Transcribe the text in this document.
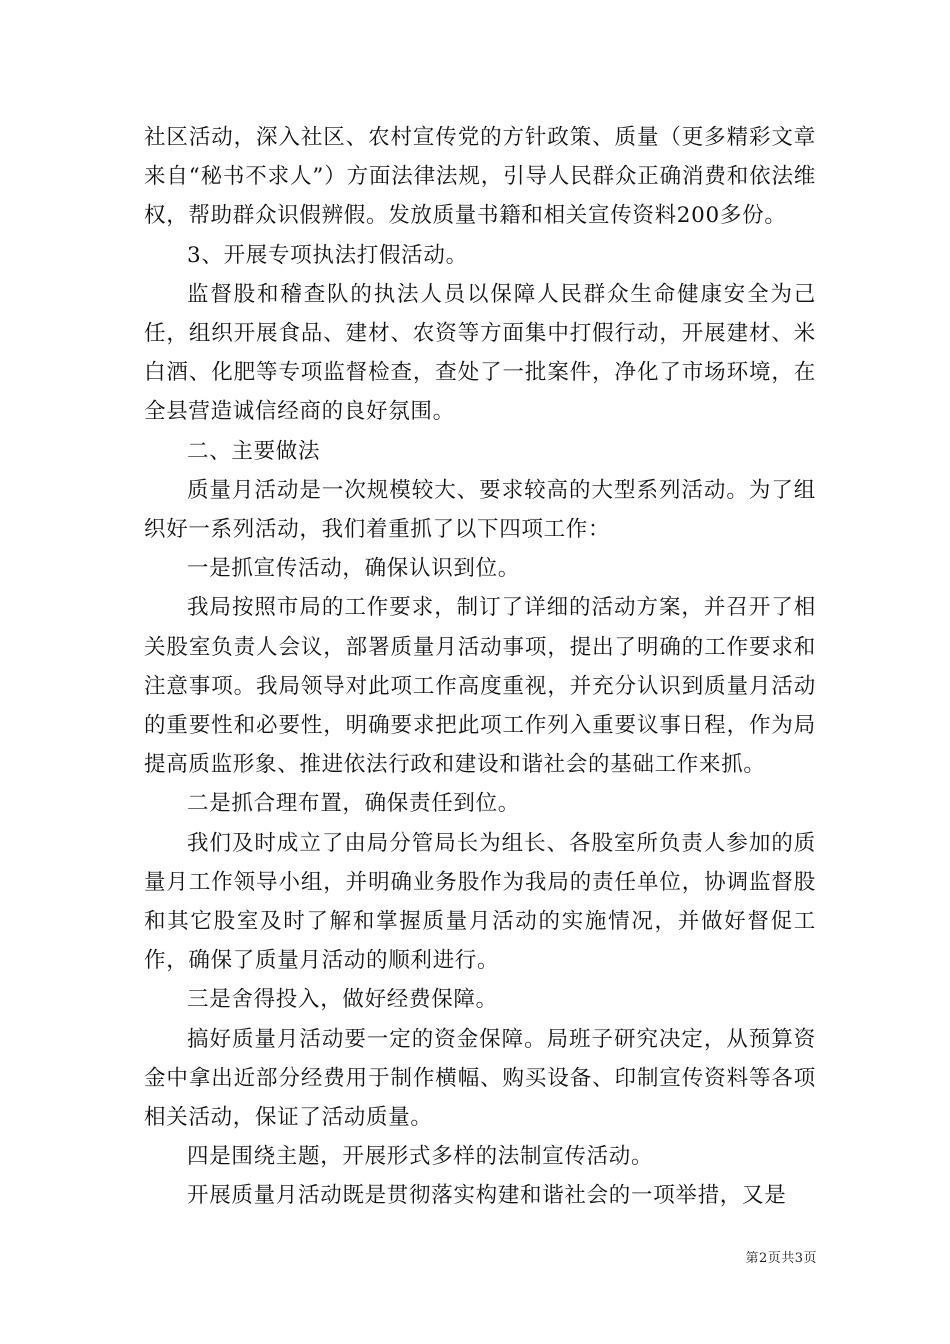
社区活动，深入社区、农村宣传党的方针政策、质量（更多精彩文章来自“秘书不求人”）方面法律法规，引导人民群众正确消费和依法维权，帮助群众识假辨假。发放质量书籍和相关宣传资料200多份。

3、开展专项执法打假活动。

监督股和稽查队的执法人员以保障人民群众生命健康安全为己任，组织开展食品、建材、农资等方面集中打假行动，开展建材、米白酒、化肥等专项监督检查，查处了一批案件，净化了市场环境，在全县营造诚信经商的良好氛围。

二、主要做法

质量月活动是一次规模较大、要求较高的大型系列活动。为了组织好一系列活动，我们着重抓了以下四项工作：

一是抓宣传活动，确保认识到位。

我局按照市局的工作要求，制订了详细的活动方案，并召开了相关股室负责人会议，部署质量月活动事项，提出了明确的工作要求和注意事项。我局领导对此项工作高度重视，并充分认识到质量月活动的重要性和必要性，明确要求把此项工作列入重要议事日程，作为局提高质监形象、推进依法行政和建设和谐社会的基础工作来抓。

二是抓合理布置，确保责任到位。

我们及时成立了由局分管局长为组长、各股室所负责人参加的质量月工作领导小组，并明确业务股作为我局的责任单位，协调监督股和其它股室及时了解和掌握质量月活动的实施情况，并做好督促工作，确保了质量月活动的顺利进行。

三是舍得投入，做好经费保障。

搞好质量月活动要一定的资金保障。局班子研究决定，从预算资金中拿出近部分经费用于制作横幅、购买设备、印制宣传资料等各项相关活动，保证了活动质量。

四是围绕主题，开展形式多样的法制宣传活动。

开展质量月活动既是贯彻落实构建和谐社会的一项举措，又是

第2页共3页
